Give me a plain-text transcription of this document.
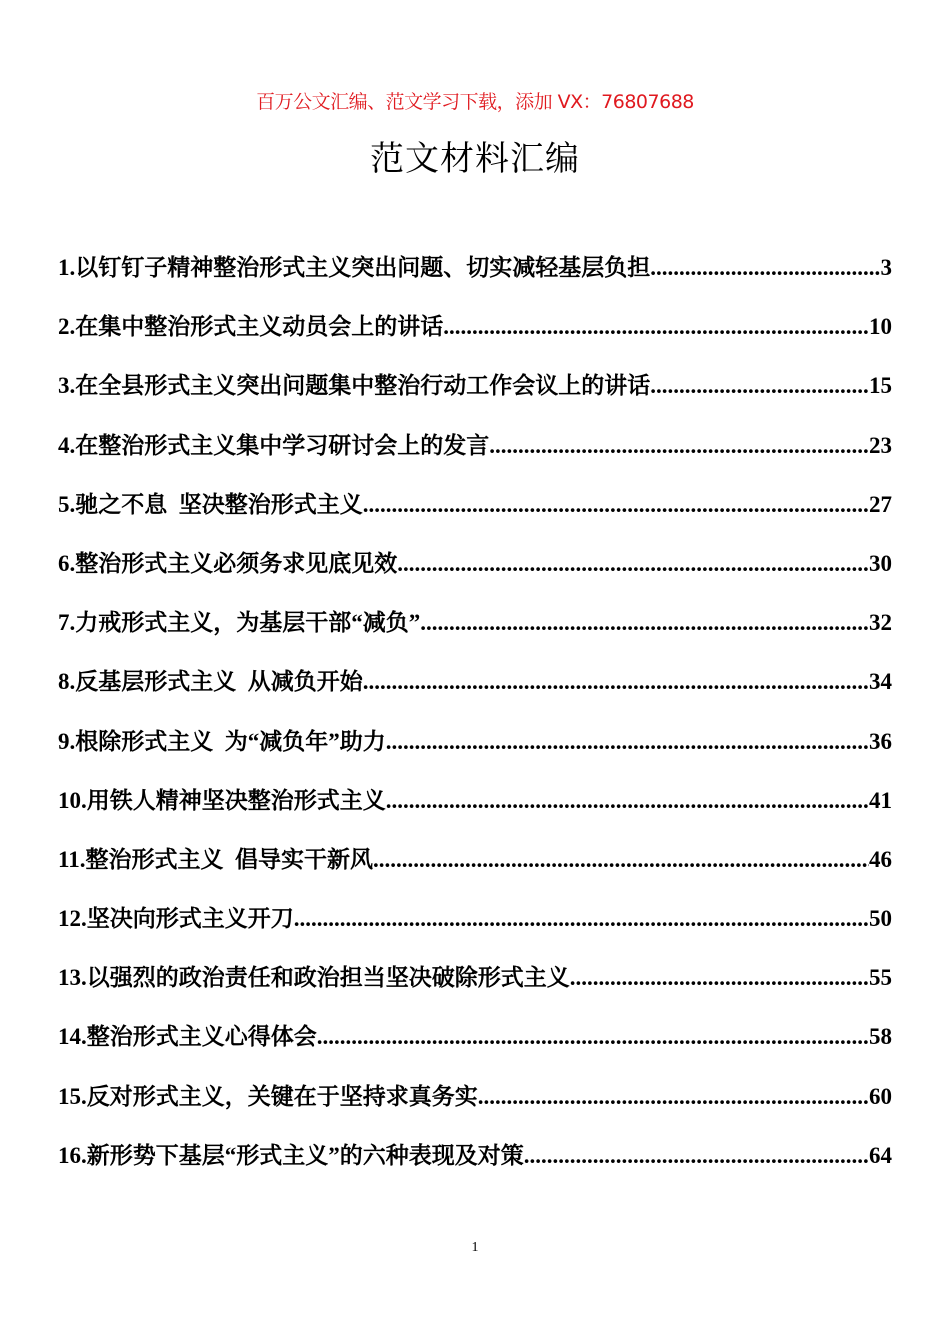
百万公文汇编、范文学习下载，添加 VX：76807688
范文材料汇编
1.以钉钉子精神整治形式主义突出问题、切实减轻基层负担 .....	3
2.在集中整治形式主义动员会上的讲话 .....	10
3.在全县形式主义突出问题集中整治行动工作会议上的讲话 .....	15
4.在整治形式主义集中学习研讨会上的发言 .....	23
5.驰之不息  坚决整治形式主义 .....	27
6.整治形式主义必须务求见底见效 .....	30
7.力戒形式主义，为基层干部“减负” .....	32
8.反基层形式主义  从减负开始 .....	34
9.根除形式主义  为“减负年”助力 .....	36
10.用铁人精神坚决整治形式主义 .....	41
11.整治形式主义  倡导实干新风 .....	46
12.坚决向形式主义开刀 .....	50
13.以强烈的政治责任和政治担当坚决破除形式主义 .....	55
14.整治形式主义心得体会 .....	58
15.反对形式主义，关键在于坚持求真务实 .....	60
16.新形势下基层“形式主义”的六种表现及对策 .....	64
1
